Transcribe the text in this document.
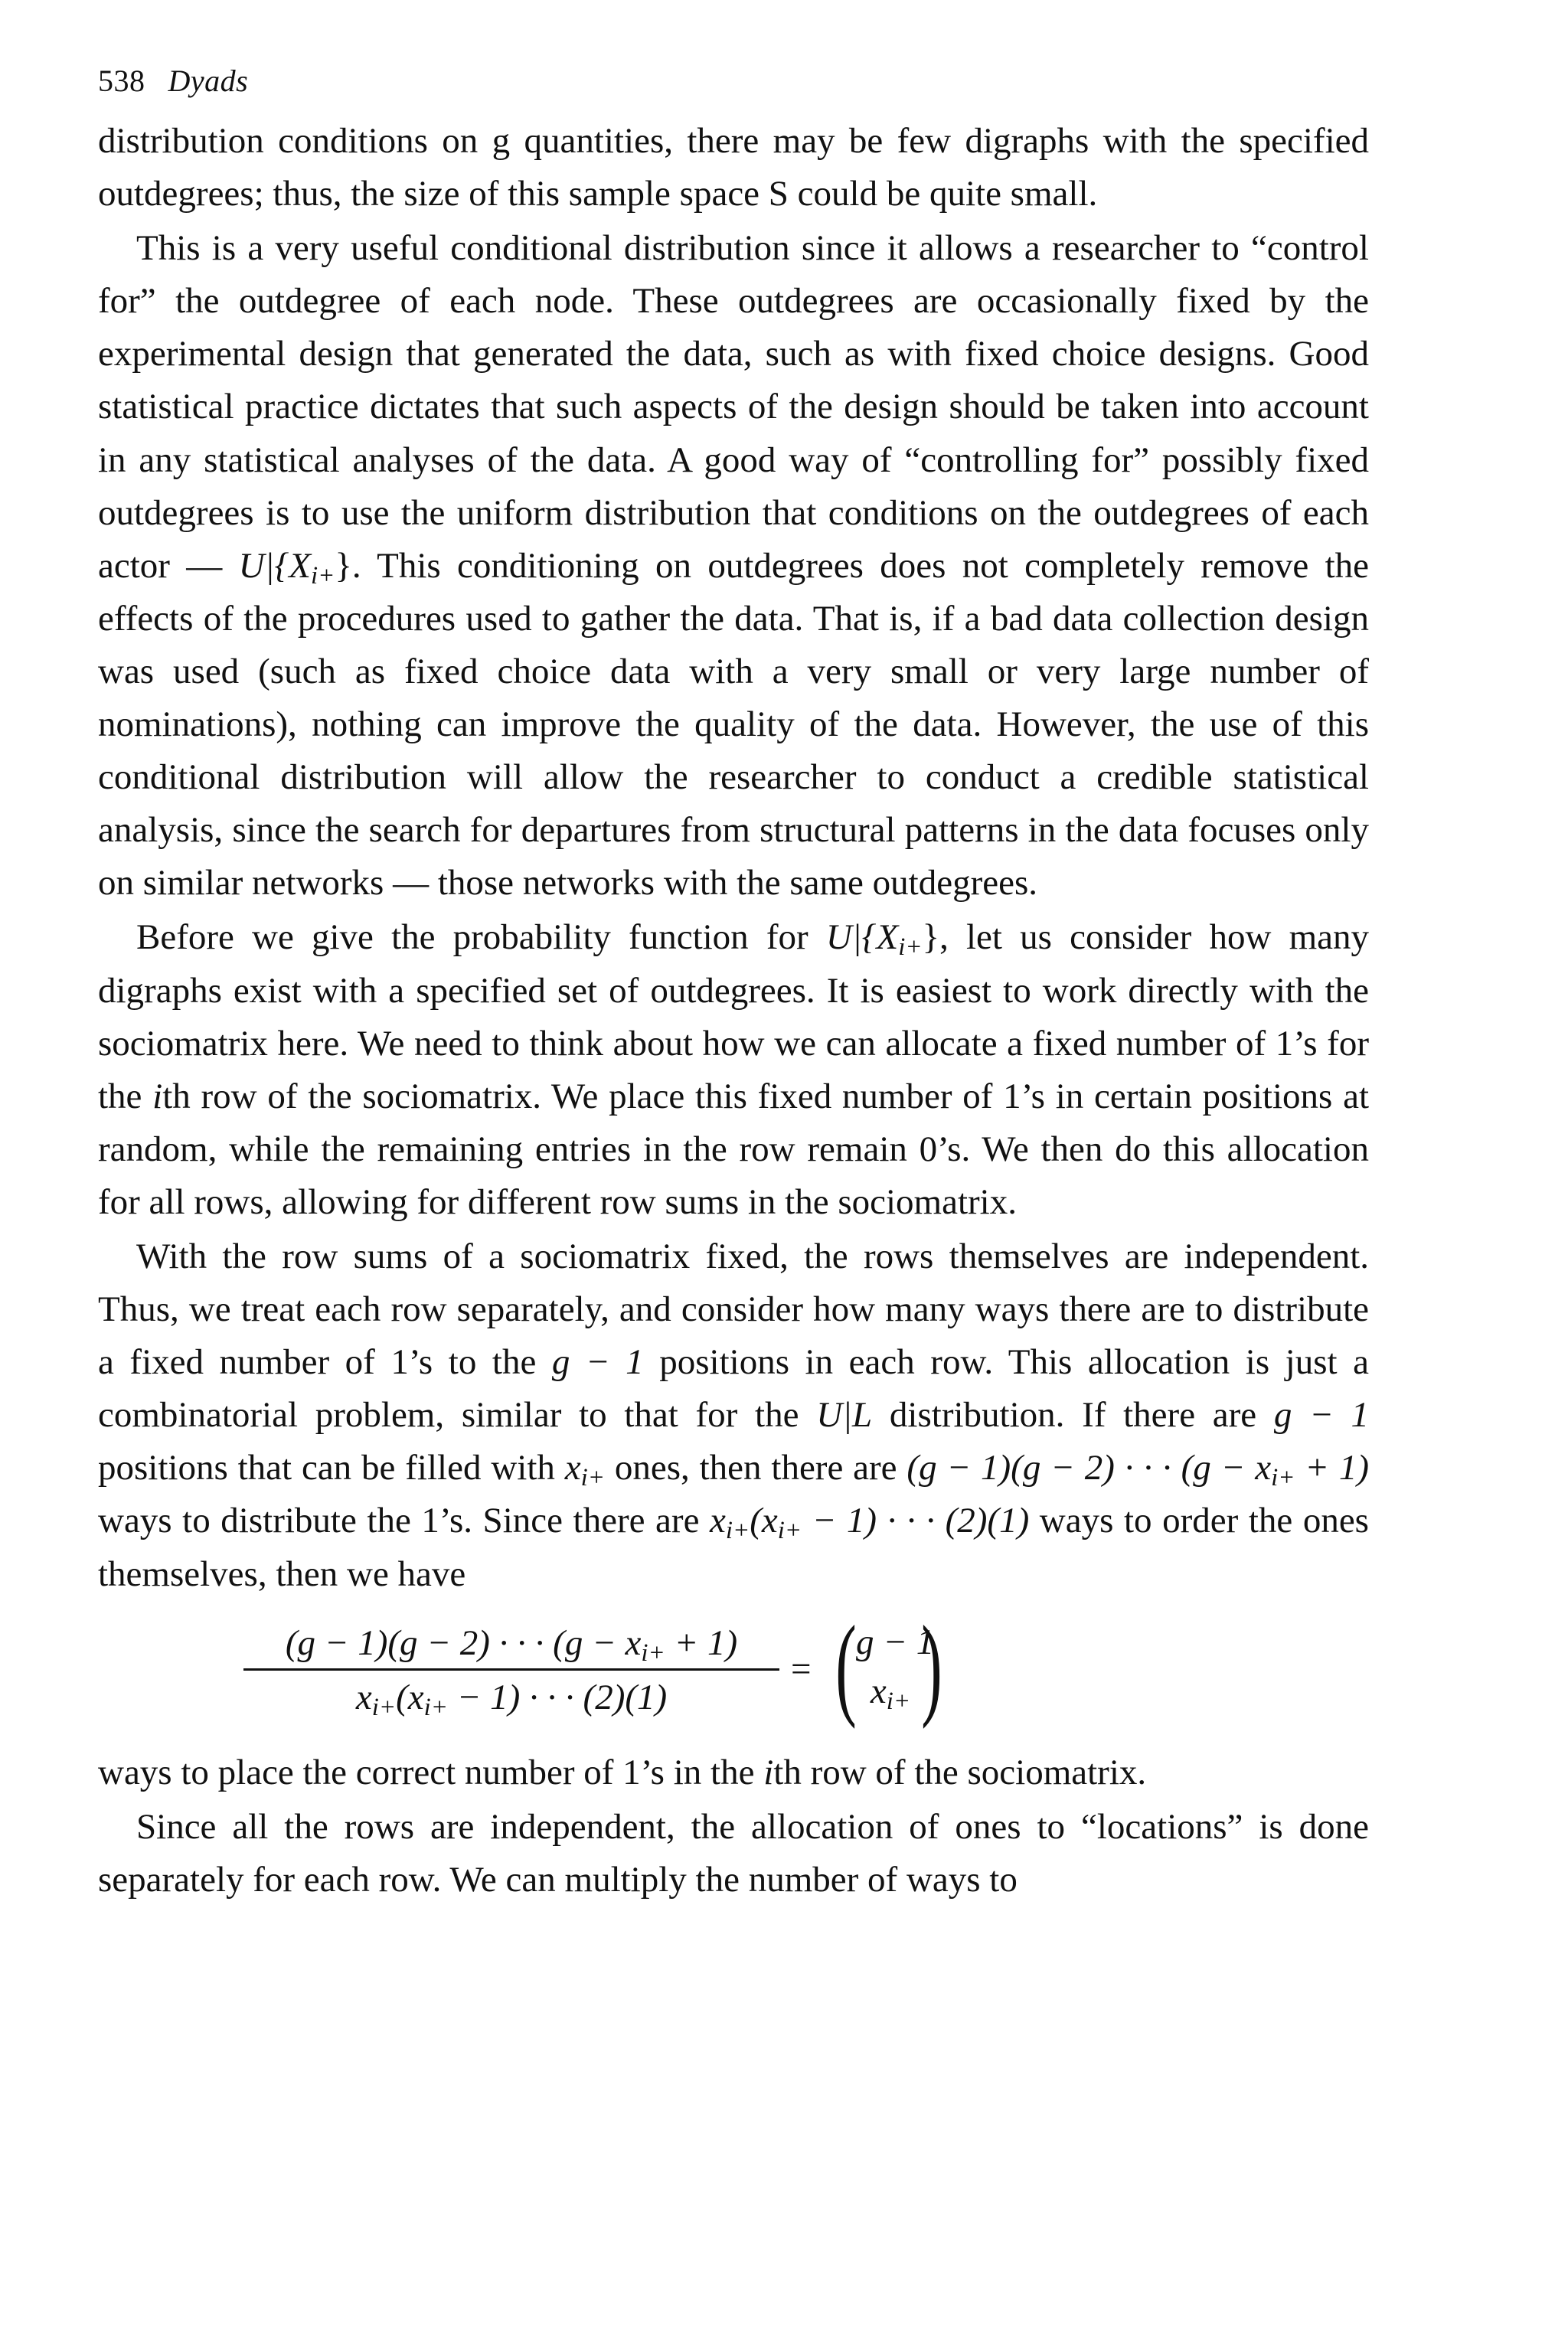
538 Dyads

distribution conditions on g quantities, there may be few digraphs with the specified outdegrees; thus, the size of this sample space S could be quite small.

This is a very useful conditional distribution since it allows a researcher to “control for” the outdegree of each node. These outdegrees are occasionally fixed by the experimental design that generated the data, such as with fixed choice designs. Good statistical practice dictates that such aspects of the design should be taken into account in any statistical analyses of the data. A good way of “controlling for” possibly fixed outdegrees is to use the uniform distribution that conditions on the outdegrees of each actor — $U|\{X_{i+}\}$. This conditioning on outdegrees does not completely remove the effects of the procedures used to gather the data. That is, if a bad data collection design was used (such as fixed choice data with a very small or very large number of nominations), nothing can improve the quality of the data. However, the use of this conditional distribution will allow the researcher to conduct a credible statistical analysis, since the search for departures from structural patterns in the data focuses only on similar networks — those networks with the same outdegrees.

Before we give the probability function for $U|\{X_{i+}\}$, let us consider how many digraphs exist with a specified set of outdegrees. It is easiest to work directly with the sociomatrix here. We need to think about how we can allocate a fixed number of 1’s for the ith row of the sociomatrix. We place this fixed number of 1’s in certain positions at random, while the remaining entries in the row remain 0’s. We then do this allocation for all rows, allowing for different row sums in the sociomatrix.

With the row sums of a sociomatrix fixed, the rows themselves are independent. Thus, we treat each row separately, and consider how many ways there are to distribute a fixed number of 1’s to the g − 1 positions in each row. This allocation is just a combinatorial problem, similar to that for the U|L distribution. If there are g − 1 positions that can be filled with $x_{i+}$ ones, then there are (g − 1)(g − 2) · · · $(g - x_{i+} + 1)$ ways to distribute the 1’s. Since there are $x_{i+}(x_{i+} - 1)$ · · · (2)(1) ways to order the ones themselves, then we have

(g − 1)(g − 2) · · · $(g - x_{i+} + 1)$
$x_{i+}(x_{i+} - 1)$ · · · (2)(1)
= ( g − 1
$x_{i+}$ )

ways to place the correct number of 1’s in the ith row of the sociomatrix.

Since all the rows are independent, the allocation of ones to “locations” is done separately for each row. We can multiply the number of ways to
